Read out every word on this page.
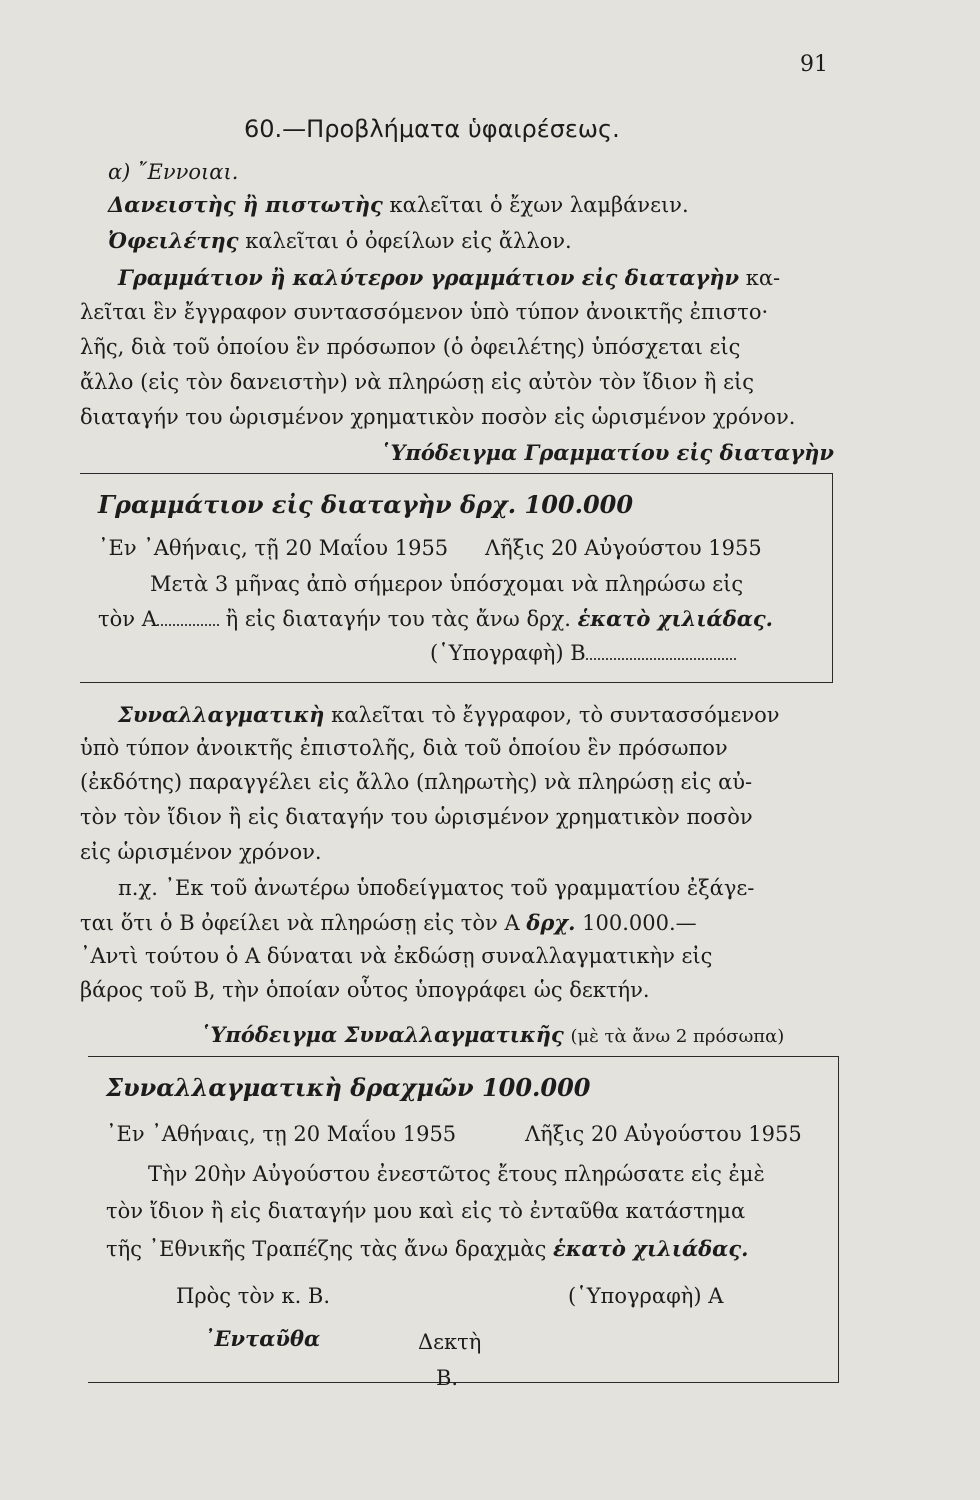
91
60.—Προβλήματα ὑφαιρέσεως.
α) ῎Εννοιαι.
Δανειστὴς ἢ πιστωτὴς καλεῖται ὁ ἔχων λαμβάνειν.
Ὀφειλέτης καλεῖται ὁ ὀφείλων εἰς ἄλλον.
Γραμμάτιον ἢ καλύτερον γραμμάτιον εἰς διαταγὴν κα-
λεῖται ἓν ἔγγραφον συντασσόμενον ὑπὸ τύπον ἀνοικτῆς ἐπιστο·
λῆς, διὰ τοῦ ὁποίου ἓν πρόσωπον (ὁ ὀφειλέτης) ὑπόσχεται εἰς
ἄλλο (εἰς τὸν δανειστὴν) νὰ πληρώσῃ εἰς αὐτὸν τὸν ἴδιον ἢ εἰς
διαταγήν του ὡρισμένον χρηματικὸν ποσὸν εἰς ὡρισμένον χρόνον.
῾Υπόδειγμα Γραμματίου εἰς διαταγὴν
Γραμμάτιον εἰς διαταγὴν δρχ. 100.000
᾽Εν ᾽Αθήναις, τῇ 20 Μαΐου 1955 Λῆξις 20 Αὐγούστου 1955
Μετὰ 3 μῆνας ἀπὸ σήμερον ὑπόσχομαι νὰ πληρώσω εἰς
τὸν Α	ἢ εἰς διαταγήν του τὰς ἄνω δρχ. ἑκατὸ χιλιάδας.
(῾Υπογραφὴ) Β
Συναλλαγματικὴ καλεῖται τὸ ἔγγραφον, τὸ συντασσόμενον
ὑπὸ τύπον ἀνοικτῆς ἐπιστολῆς, διὰ τοῦ ὁποίου ἓν πρόσωπον
(ἐκδότης) παραγγέλει εἰς ἄλλο (πληρωτὴς) νὰ πληρώσῃ εἰς αὐ-
τὸν τὸν ἴδιον ἢ εἰς διαταγήν του ὡρισμένον χρηματικὸν ποσὸν
εἰς ὡρισμένον χρόνον.
π.χ. ᾽Εκ τοῦ ἀνωτέρω ὑποδείγματος τοῦ γραμματίου ἐξάγε-
ται ὅτι ὁ Β ὀφείλει νὰ πληρώσῃ εἰς τὸν Α δρχ. 100.000.—
᾽Αντὶ τούτου ὁ Α δύναται νὰ ἐκδώσῃ συναλλαγματικὴν εἰς
βάρος τοῦ Β, τὴν ὁποίαν οὗτος ὑπογράφει ὡς δεκτήν.
῾Υπόδειγμα Συναλλαγματικῆς (μὲ τὰ ἄνω 2 πρόσωπα)
Συναλλαγματικὴ δραχμῶν 100.000
᾽Εν ᾽Αθήναις, τῃ 20 Μαΐου 1955	Λῆξις 20 Αὐγούστου 1955
Τὴν 20ὴν Αὐγούστου ἐνεστῶτος ἔτους πληρώσατε εἰς ἐμὲ
τὸν ἴδιον ἢ εἰς διαταγήν μου καὶ εἰς τὸ ἐνταῦθα κατάστημα
τῆς ᾽Εθνικῆς Τραπέζης τὰς ἄνω δραχμὰς ἑκατὸ χιλιάδας.
Πρὸς τὸν κ. Β.	(῾Υπογραφὴ) Α
᾽Ενταῦθα	Δεκτὴ
Β.
